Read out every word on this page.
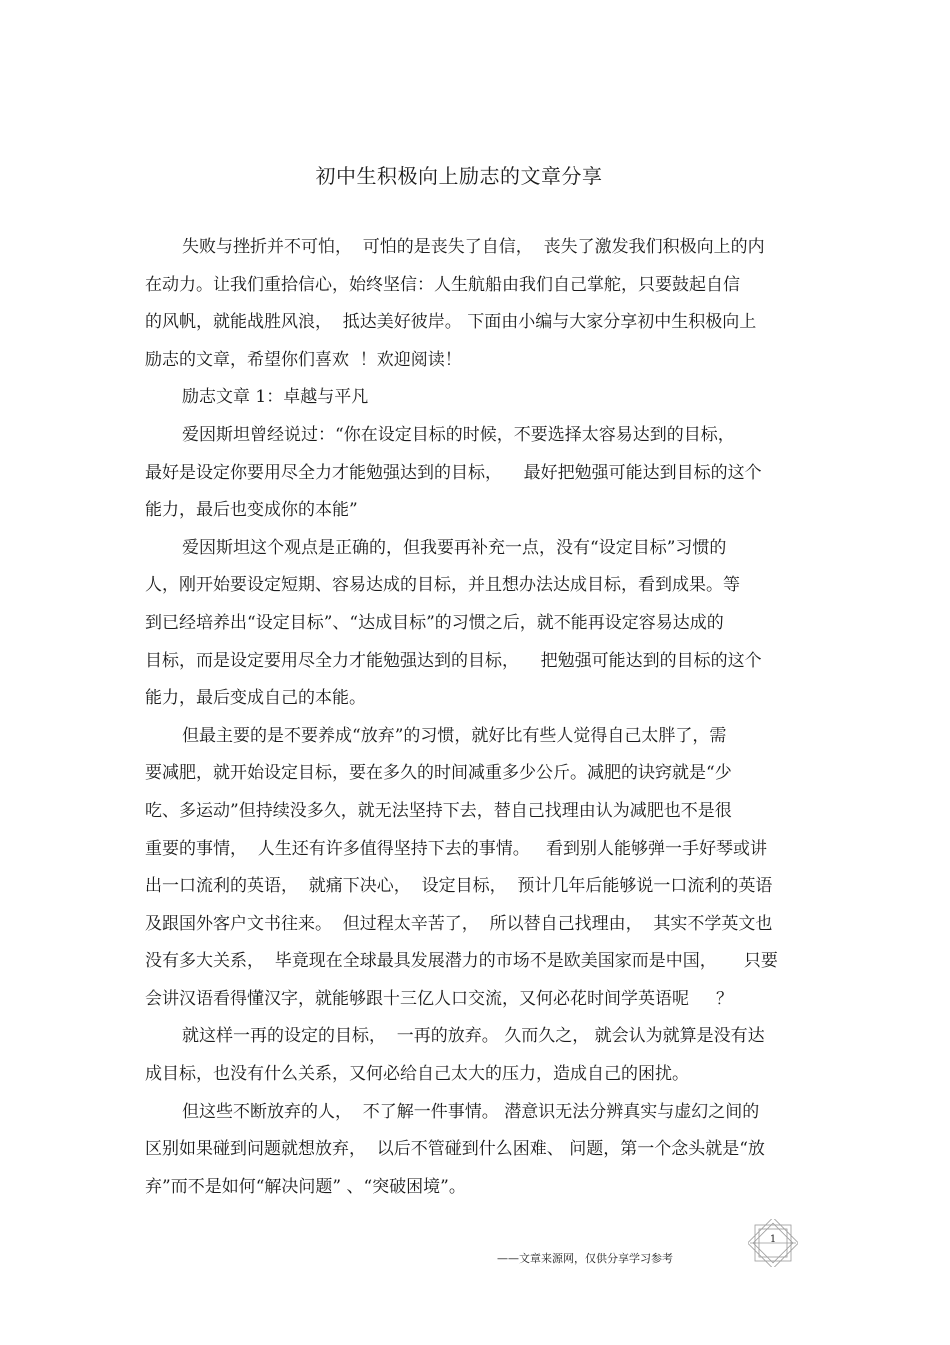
初中生积极向上励志的文章分享
失败与挫折并不可怕，  可怕的是丧失了自信，  丧失了激发我们积极向上的内
在动力。让我们重拾信心，始终坚信：人生航船由我们自己掌舵，只要鼓起自信
的风帆，就能战胜风浪，  抵达美好彼岸。 下面由小编与大家分享初中生积极向上
励志的文章，希望你们喜欢  ！欢迎阅读！
励志文章 1：卓越与平凡
爱因斯坦曾经说过：“你在设定目标的时候，不要选择太容易达到的目标，
最好是设定你要用尽全力才能勉强达到的目标，    最好把勉强可能达到目标的这个
能力，最后也变成你的本能”
爱因斯坦这个观点是正确的，但我要再补充一点，没有“设定目标”习惯的
人，刚开始要设定短期、容易达成的目标，并且想办法达成目标，看到成果。等
到已经培养出“设定目标”、“达成目标”的习惯之后，就不能再设定容易达成的
目标，而是设定要用尽全力才能勉强达到的目标，    把勉强可能达到的目标的这个
能力，最后变成自己的本能。
但最主要的是不要养成“放弃”的习惯，就好比有些人觉得自己太胖了，需
要减肥，就开始设定目标，要在多久的时间减重多少公斤。减肥的诀窍就是“少
吃、多运动”但持续没多久，就无法坚持下去，替自己找理由认为减肥也不是很
重要的事情，  人生还有许多值得坚持下去的事情。   看到别人能够弹一手好琴或讲
出一口流利的英语，  就痛下决心，  设定目标，  预计几年后能够说一口流利的英语
及跟国外客户文书往来。  但过程太辛苦了，  所以替自己找理由，  其实不学英文也
没有多大关系，  毕竟现在全球最具发展潜力的市场不是欧美国家而是中国，     只要
会讲汉语看得懂汉字，就能够跟十三亿人口交流，又何必花时间学英语呢     ？
就这样一再的设定的目标，  一再的放弃。 久而久之， 就会认为就算是没有达
成目标，也没有什么关系，又何必给自己太大的压力，造成自己的困扰。
但这些不断放弃的人，  不了解一件事情。 潜意识无法分辨真实与虚幻之间的
区别如果碰到问题就想放弃，  以后不管碰到什么困难、 问题，第一个念头就是“放
弃”而不是如何“解决问题” 、“突破困境”。
1
——文章来源网，仅供分享学习参考
